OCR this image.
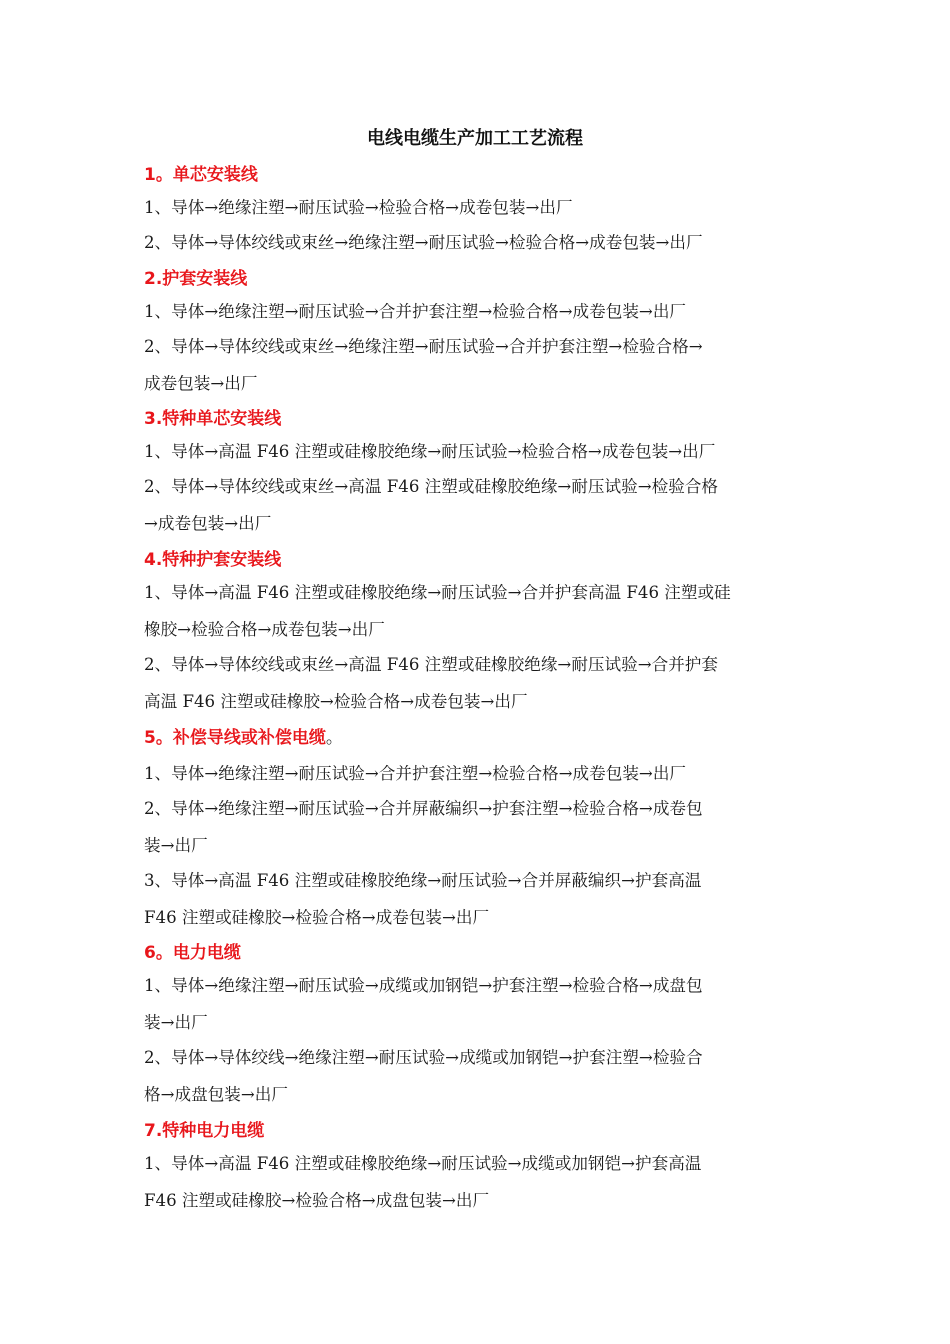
电线电缆生产加工工艺流程
1。单芯安装线
1、导体→绝缘注塑→耐压试验→检验合格→成卷包装→出厂
2、导体→导体绞线或束丝→绝缘注塑→耐压试验→检验合格→成卷包装→出厂
2.护套安装线
1、导体→绝缘注塑→耐压试验→合并护套注塑→检验合格→成卷包装→出厂
2、导体→导体绞线或束丝→绝缘注塑→耐压试验→合并护套注塑→检验合格→
成卷包装→出厂
3.特种单芯安装线
1、导体→高温 F46 注塑或硅橡胶绝缘→耐压试验→检验合格→成卷包装→出厂
2、导体→导体绞线或束丝→高温 F46 注塑或硅橡胶绝缘→耐压试验→检验合格
→成卷包装→出厂
4.特种护套安装线
1、导体→高温 F46 注塑或硅橡胶绝缘→耐压试验→合并护套高温 F46 注塑或硅
橡胶→检验合格→成卷包装→出厂
2、导体→导体绞线或束丝→高温 F46 注塑或硅橡胶绝缘→耐压试验→合并护套
高温 F46 注塑或硅橡胶→检验合格→成卷包装→出厂
5。补偿导线或补偿电缆。
1、导体→绝缘注塑→耐压试验→合并护套注塑→检验合格→成卷包装→出厂
2、导体→绝缘注塑→耐压试验→合并屏蔽编织→护套注塑→检验合格→成卷包
装→出厂
3、导体→高温 F46 注塑或硅橡胶绝缘→耐压试验→合并屏蔽编织→护套高温
F46 注塑或硅橡胶→检验合格→成卷包装→出厂
6。电力电缆
1、导体→绝缘注塑→耐压试验→成缆或加钢铠→护套注塑→检验合格→成盘包
装→出厂
2、导体→导体绞线→绝缘注塑→耐压试验→成缆或加钢铠→护套注塑→检验合
格→成盘包装→出厂
7.特种电力电缆
1、导体→高温 F46 注塑或硅橡胶绝缘→耐压试验→成缆或加钢铠→护套高温
F46 注塑或硅橡胶→检验合格→成盘包装→出厂
